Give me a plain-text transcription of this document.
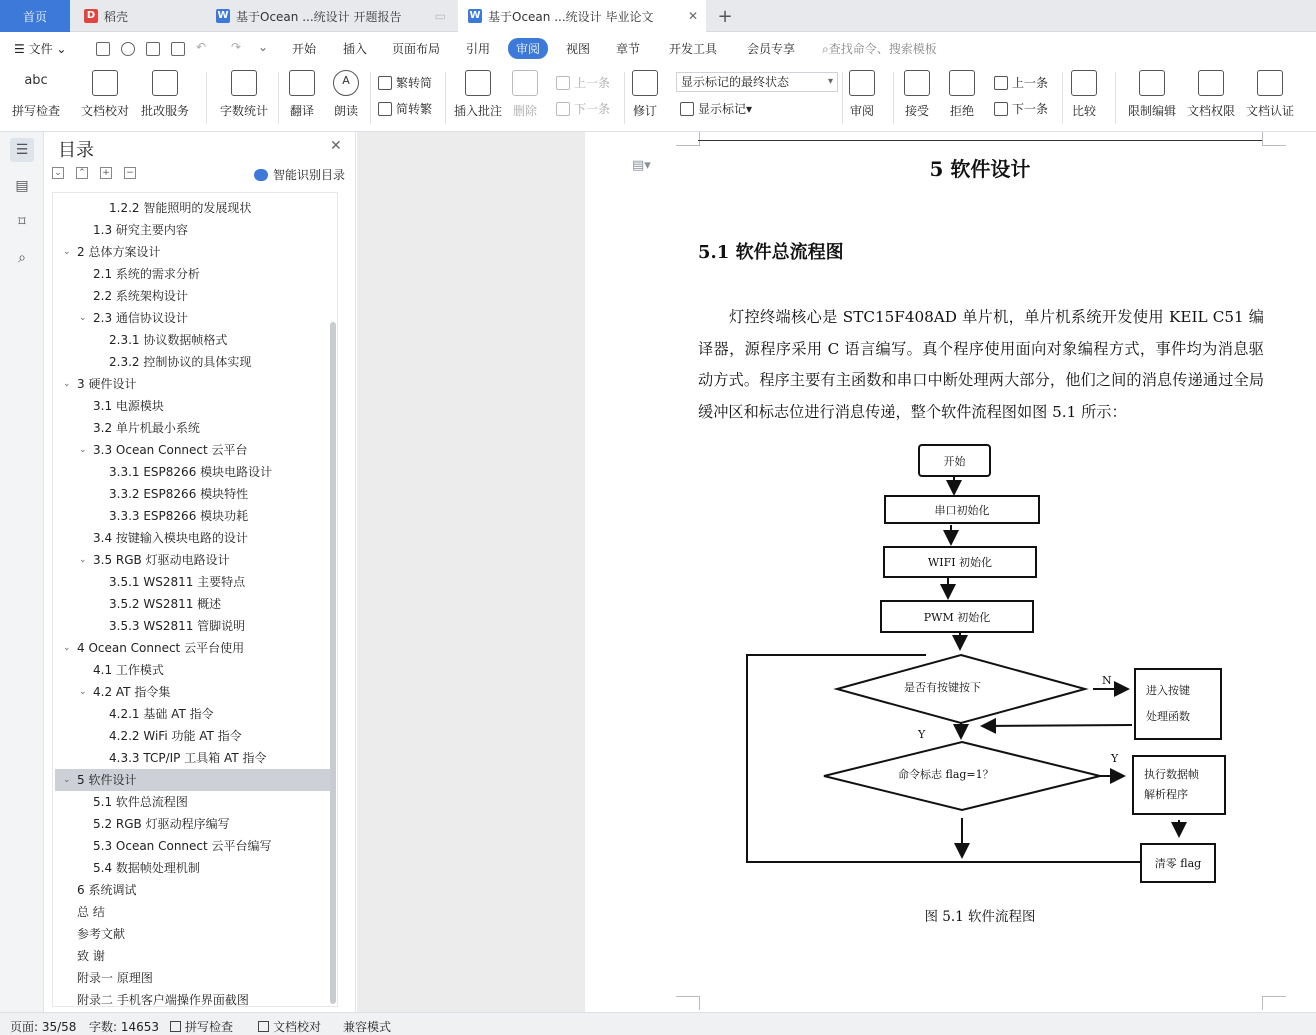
首页	D 稻壳	W 基于Ocean ...统设计 开题报告	▭ W 基于Ocean ...统设计 毕业论文	✕	+
☰ 文件 ⌄	↶ ↷ ⌄ 开始 插入 页面布局 引用	审阅	视图 章节 开发工具 会员专享 ⌕查找命令、搜索模板
abc
拼写检查 文档校对 批改服务	字数统计 翻译
A
朗读
繁转简
简转繁 插入批注 删除
上一条
下一条 修订	显示标记 ▾	审阅	接受 拒绝
上一条
下一条 比较	限制编辑 文档权限 文档认证
显示标记的最终状态 ▾
☰
▤
⌑
⌕
目录	✕
⌄ ⌃ + −	智能识别目录
1.2.2 智能照明的发展现状
1.3 研究主要内容
⌄ 2 总体方案设计
2.1 系统的需求分析
2.2 系统架构设计
⌄ 2.3 通信协议设计
2.3.1 协议数据帧格式
2.3.2 控制协议的具体实现
⌄ 3 硬件设计
3.1 电源模块
3.2 单片机最小系统
⌄ 3.3 Ocean Connect 云平台
3.3.1 ESP8266 模块电路设计
3.3.2 ESP8266 模块特性
3.3.3 ESP8266 模块功耗
3.4 按键输入模块电路的设计
⌄ 3.5 RGB 灯驱动电路设计
3.5.1 WS2811 主要特点
3.5.2 WS2811 概述
3.5.3 WS2811 管脚说明
⌄ 4 Ocean Connect 云平台使用
4.1 工作模式
⌄ 4.2 AT 指令集
4.2.1 基础 AT 指令
4.2.2 WiFi 功能 AT 指令
4.3.3 TCP/IP 工具箱 AT 指令
⌄ 5 软件设计
5.1 软件总流程图
5.2 RGB 灯驱动程序编写
5.3 Ocean Connect 云平台编写
5.4 数据帧处理机制
6 系统调试
总 结
参考文献
致 谢
附录一 原理图
附录二 手机客户端操作界面截图
▤▾	5 软件设计
5.1 软件总流程图
灯控终端核心是 STC15F408AD 单片机，单片机系统开发使用 KEIL C51 编译器，源程序采用 C 语言编写。真个程序使用面向对象编程方式，事件均为消息驱动方式。程序主要有主函数和串口中断处理两大部分，他们之间的消息传递通过全局缓冲区和标志位进行消息传递，整个软件流程图如图 5.1 所示：
开始
串口初始化
WIFI 初始化
PWM 初始化
是否有按键按下
N
进入按键
处理函数
Y
命令标志 flag=1？
Y
执行数据帧
解析程序
清零 flag
图 5.1 软件流程图
页面: 35/58 字数: 14653 拼写检查	文档校对 兼容模式
